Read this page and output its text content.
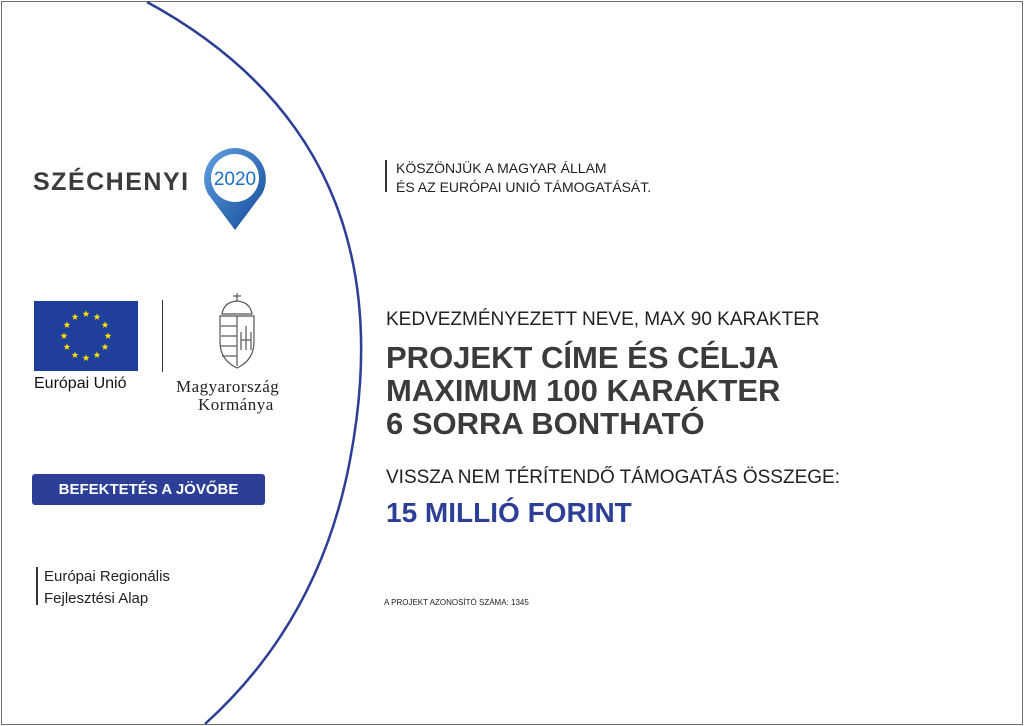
SZÉCHENYI 2020
Európai Unió	Magyarország
Kormánya
BEFEKTETÉS A JÖVŐBE
Európai Regionális
Fejlesztési Alap
KÖSZÖNJÜK A MAGYAR ÁLLAM
ÉS AZ EURÓPAI UNIÓ TÁMOGATÁSÁT.
KEDVEZMÉNYEZETT NEVE, MAX 90 KARAKTER
PROJEKT CÍME ÉS CÉLJA
MAXIMUM 100 KARAKTER
6 SORRA BONTHATÓ
VISSZA NEM TÉRÍTENDŐ TÁMOGATÁS ÖSSZEGE:
15 MILLIÓ FORINT
A PROJEKT AZONOSÍTÓ SZÁMA: 1345
